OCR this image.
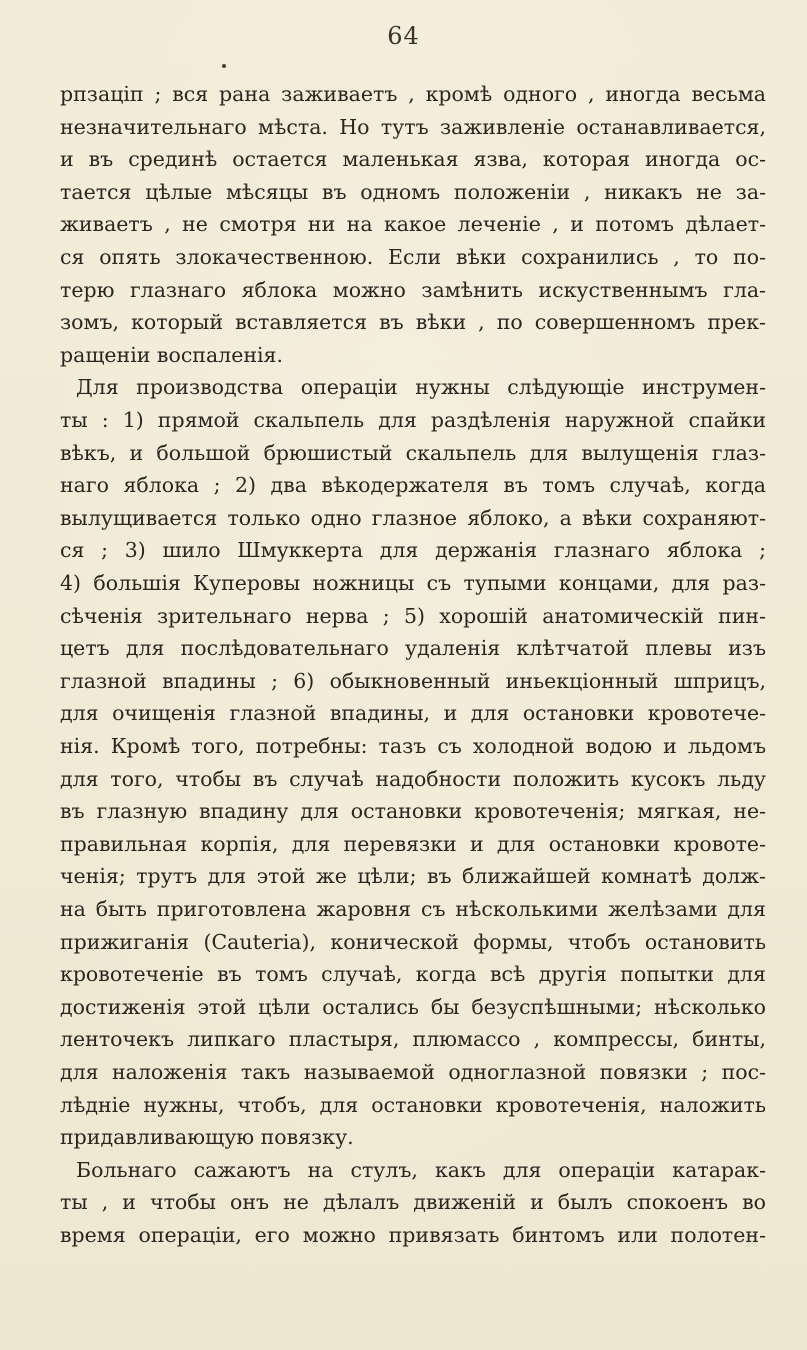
64
рпзаціп ; вся рана заживаетъ , кромѣ одного , иногда весьма
незначительнаго мѣста. Но тутъ заживленіе останавливается,
и въ срединѣ остается маленькая язва, которая иногда ос-
тается цѣлые мѣсяцы въ одномъ положеніи , никакъ не за-
живаетъ , не смотря ни на какое леченіе , и потомъ дѣлает-
ся опять злокачественною. Если вѣки сохранились , то по-
терю глазнаго яблока можно замѣнить искуственнымъ гла-
зомъ, который вставляется въ вѣки , по совершенномъ прек-
ращеніи воспаленія.
Для производства операціи нужны слѣдующіе инструмен-
ты : 1) прямой скальпель для раздѣленія наружной спайки
вѣкъ, и большой брюшистый скальпель для вылущенія глаз-
наго яблока ; 2) два вѣкодержателя въ томъ случаѣ, когда
вылущивается только одно глазное яблоко, а вѣки сохраняют-
ся ; 3) шило Шмуккерта для держанія глазнаго яблока ;
4) большія Куперовы ножницы съ тупыми концами, для раз-
сѣченія зрительнаго нерва ; 5) хорошій анатомическій пин-
цетъ для послѣдовательнаго удаленія клѣтчатой плевы изъ
глазной впадины ; 6) обыкновенный иньекціонный шприцъ,
для очищенія глазной впадины, и для остановки кровотече-
нія. Кромѣ того, потребны: тазъ съ холодной водою и льдомъ
для того, чтобы въ случаѣ надобности положить кусокъ льду
въ глазную впадину для остановки кровотеченія; мягкая, не-
правильная корпія, для перевязки и для остановки кровоте-
ченія; трутъ для этой же цѣли; въ ближайшей комнатѣ долж-
на быть приготовлена жаровня съ нѣсколькими желѣзами для
прижиганія (Cauteria), конической формы, чтобъ остановить
кровотеченіе въ томъ случаѣ, когда всѣ другія попытки для
достиженія этой цѣли остались бы безуспѣшными; нѣсколько
ленточекъ липкаго пластыря, плюмассо , компрессы, бинты,
для наложенія такъ называемой одноглазной повязки ; пос-
лѣдніе нужны, чтобъ, для остановки кровотеченія, наложить
придавливающую повязку.
Больнаго сажаютъ на стулъ, какъ для операціи катарак-
ты , и чтобы онъ не дѣлалъ движеній и былъ спокоенъ во
время операціи, его можно привязать бинтомъ или полотен-
